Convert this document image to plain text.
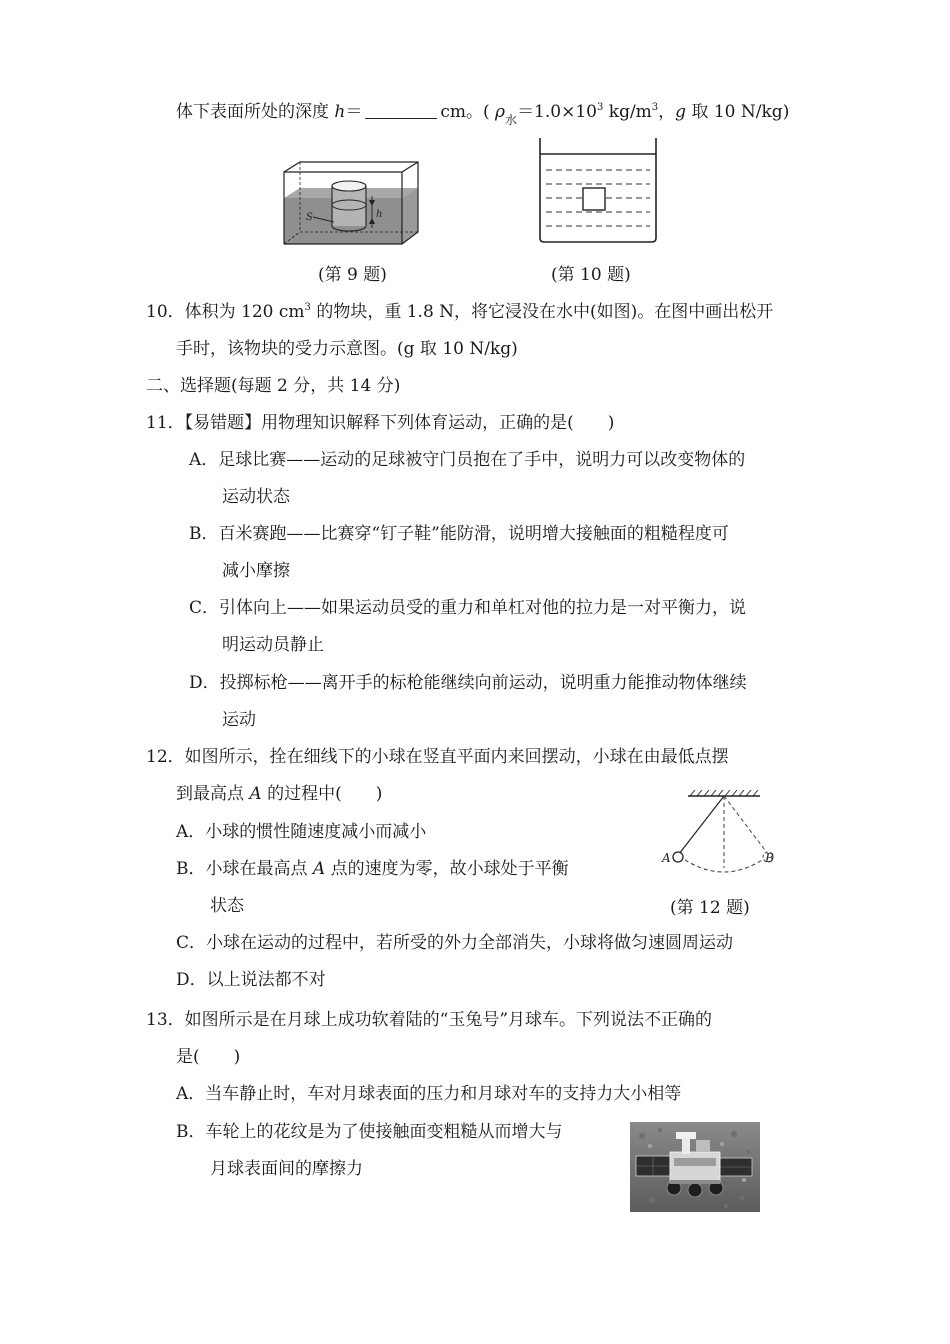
体下表面所处的深度 h＝	cm。( $\rho_水=1.0\times 10^3$ $kg/m^3$，g 取 10 N/kg)
S	h
(第 9 题)	(第 10 题)
10．体积为 120 $cm^3$ 的物块，重 1.8 N，将它浸没在水中(如图)。在图中画出松开
手时，该物块的受力示意图。(g 取 10 N/kg)
二、选择题(每题 2 分，共 14 分)
11．【易错题】用物理知识解释下列体育运动，正确的是(　　)
A．足球比赛——运动的足球被守门员抱在了手中，说明力可以改变物体的
运动状态
B．百米赛跑——比赛穿“钉子鞋”能防滑，说明增大接触面的粗糙程度可
减小摩擦
C．引体向上——如果运动员受的重力和单杠对他的拉力是一对平衡力，说
明运动员静止
D．投掷标枪——离开手的标枪能继续向前运动，说明重力能推动物体继续
运动
12．如图所示，拴在细线下的小球在竖直平面内来回摆动，小球在由最低点摆
到最高点 A 的过程中(　　)
A．小球的惯性随速度减小而减小
B．小球在最高点 A 点的速度为零，故小球处于平衡
状态
C．小球在运动的过程中，若所受的外力全部消失，小球将做匀速圆周运动
D．以上说法都不对
A	B
(第 12 题)
13．如图所示是在月球上成功软着陆的“玉兔号”月球车。下列说法不正确的
是(　　)
A．当车静止时，车对月球表面的压力和月球对车的支持力大小相等
B．车轮上的花纹是为了使接触面变粗糙从而增大与
月球表面间的摩擦力
